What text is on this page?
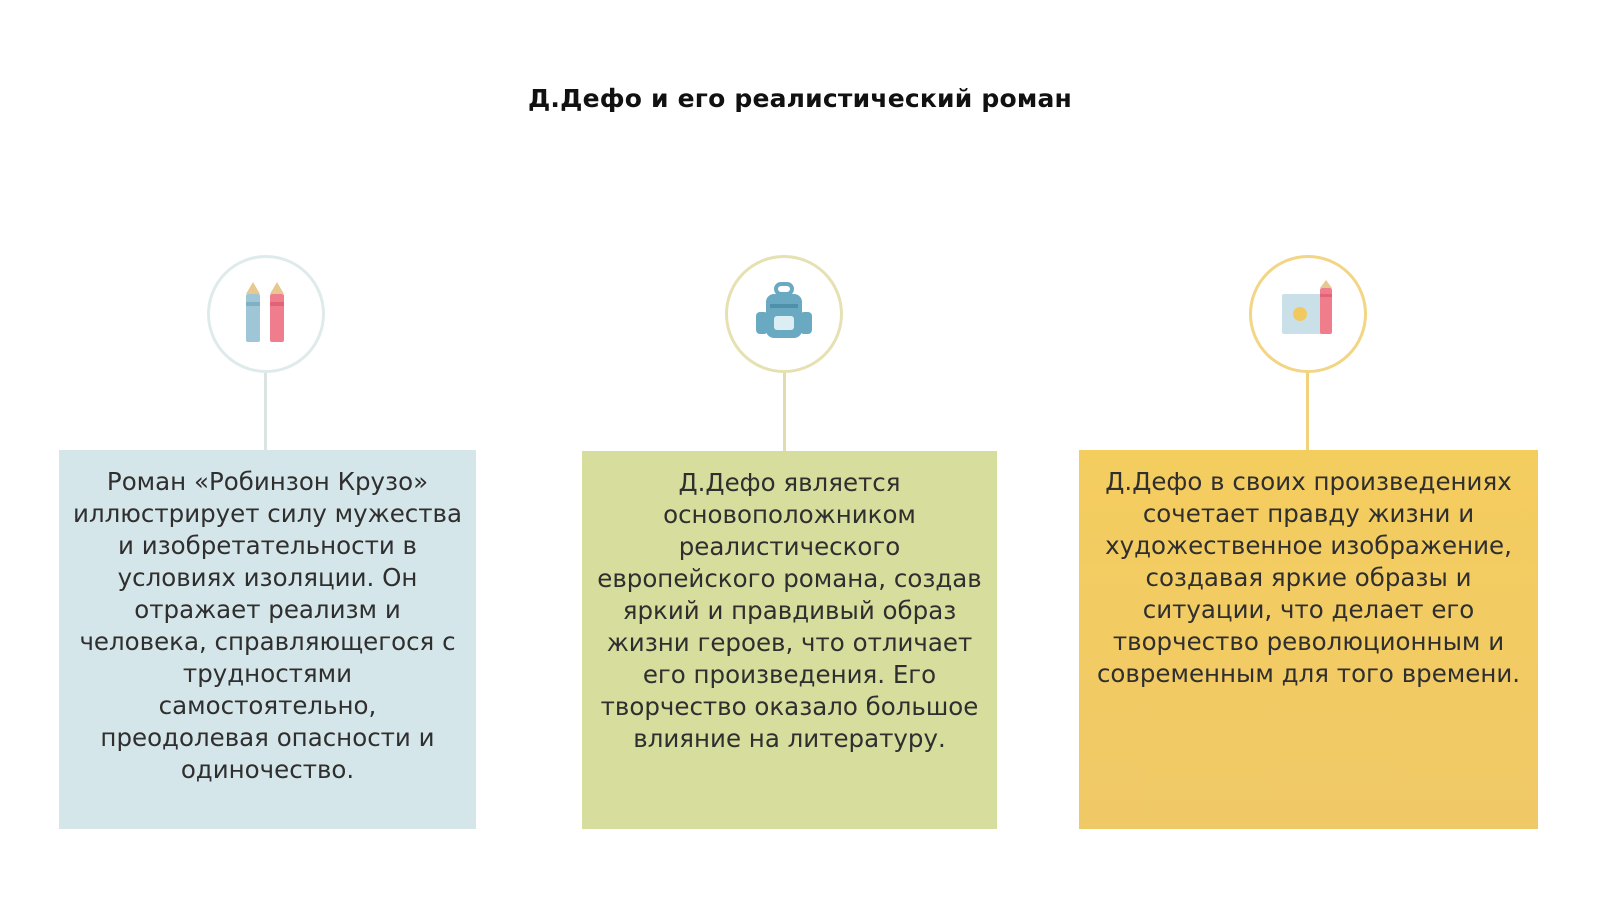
Д.Дефо и его реалистический роман
Роман «Робинзон Крузо» иллюстрирует силу мужества и изобретательности в условиях изоляции. Он отражает реализм и человека, справляющегося с трудностями самостоятельно, преодолевая опасности и одиночество.
Д.Дефо является основоположником реалистического европейского романа, создав яркий и правдивый образ жизни героев, что отличает его произведения. Его творчество оказало большое влияние на литературу.
Д.Дефо в своих произведениях сочетает правду жизни и художественное изображение, создавая яркие образы и ситуации, что делает его творчество революционным и современным для того времени.
